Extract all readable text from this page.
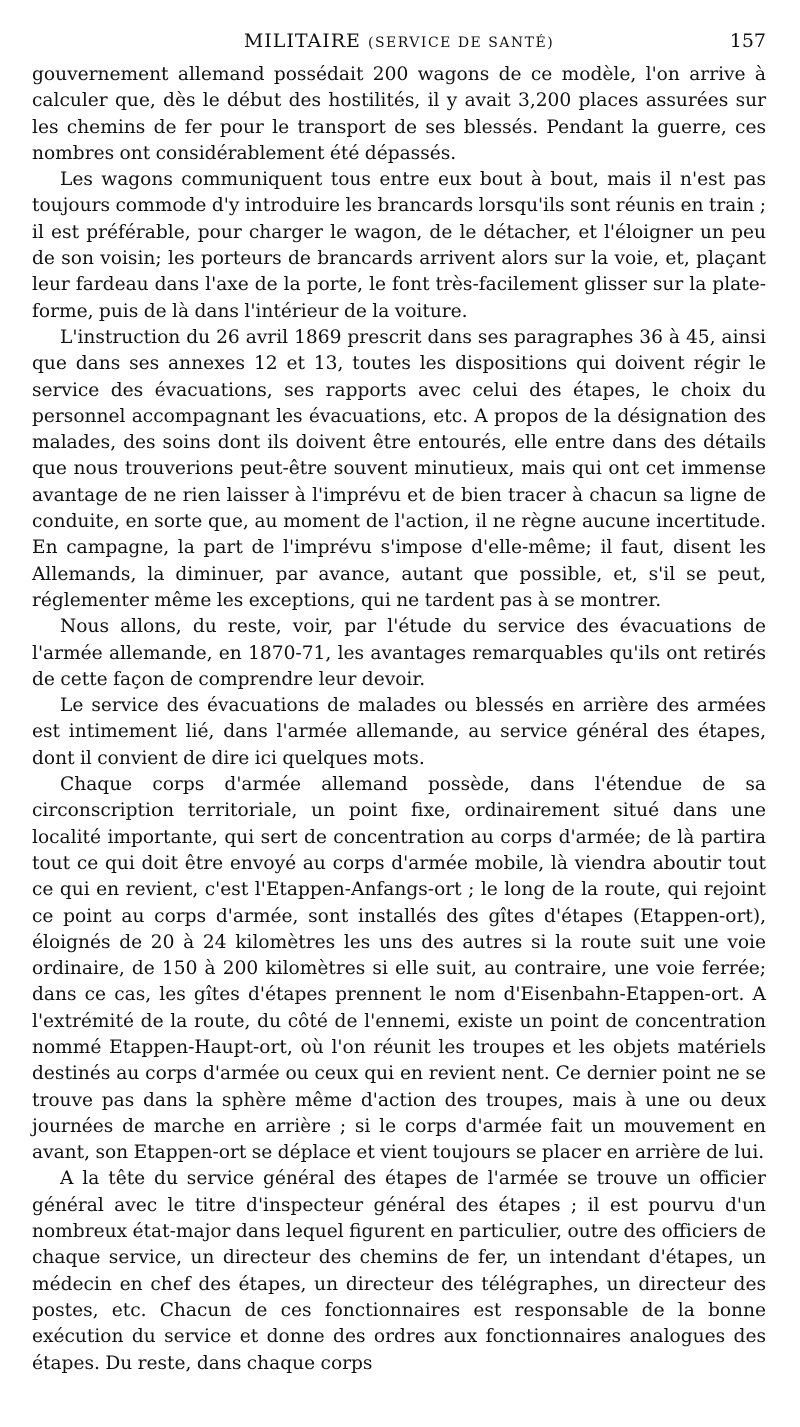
MILITAIRE (SERVICE DE SANTÉ)	157

gouvernement allemand possédait 200 wagons de ce modèle, l'on arrive à calculer que, dès le début des hostilités, il y avait 3,200 places assurées sur les chemins de fer pour le transport de ses blessés. Pendant la guerre, ces nombres ont considérablement été dépassés.

Les wagons communiquent tous entre eux bout à bout, mais il n'est pas toujours commode d'y introduire les brancards lorsqu'ils sont réunis en train ; il est préférable, pour charger le wagon, de le détacher, et l'éloigner un peu de son voisin; les porteurs de brancards arrivent alors sur la voie, et, plaçant leur fardeau dans l'axe de la porte, le font très-facilement glisser sur la plate-forme, puis de là dans l'intérieur de la voiture.

L'instruction du 26 avril 1869 prescrit dans ses paragraphes 36 à 45, ainsi que dans ses annexes 12 et 13, toutes les dispositions qui doivent régir le service des évacuations, ses rapports avec celui des étapes, le choix du personnel accompagnant les évacuations, etc. A propos de la désignation des malades, des soins dont ils doivent être entourés, elle entre dans des détails que nous trouverions peut-être souvent minutieux, mais qui ont cet immense avantage de ne rien laisser à l'imprévu et de bien tracer à chacun sa ligne de conduite, en sorte que, au moment de l'action, il ne règne aucune incertitude. En campagne, la part de l'imprévu s'impose d'elle-même; il faut, disent les Allemands, la diminuer, par avance, autant que possible, et, s'il se peut, réglementer même les exceptions, qui ne tardent pas à se montrer.

Nous allons, du reste, voir, par l'étude du service des évacuations de l'armée allemande, en 1870-71, les avantages remarquables qu'ils ont retirés de cette façon de comprendre leur devoir.

Le service des évacuations de malades ou blessés en arrière des armées est intimement lié, dans l'armée allemande, au service général des étapes, dont il convient de dire ici quelques mots.

Chaque corps d'armée allemand possède, dans l'étendue de sa circonscription territoriale, un point fixe, ordinairement situé dans une localité importante, qui sert de concentration au corps d'armée; de là partira tout ce qui doit être envoyé au corps d'armée mobile, là viendra aboutir tout ce qui en revient, c'est l'Etappen-Anfangs-ort ; le long de la route, qui rejoint ce point au corps d'armée, sont installés des gîtes d'étapes (Etappen-ort), éloignés de 20 à 24 kilomètres les uns des autres si la route suit une voie ordinaire, de 150 à 200 kilomètres si elle suit, au contraire, une voie ferrée; dans ce cas, les gîtes d'étapes prennent le nom d'Eisenbahn-Etappen-ort. A l'extrémité de la route, du côté de l'ennemi, existe un point de concentration nommé Etappen-Haupt-ort, où l'on réunit les troupes et les objets matériels destinés au corps d'armée ou ceux qui en revient nent. Ce dernier point ne se trouve pas dans la sphère même d'action des troupes, mais à une ou deux journées de marche en arrière ; si le corps d'armée fait un mouvement en avant, son Etappen-ort se déplace et vient toujours se placer en arrière de lui.

A la tête du service général des étapes de l'armée se trouve un officier général avec le titre d'inspecteur général des étapes ; il est pourvu d'un nombreux état-major dans lequel figurent en particulier, outre des officiers de chaque service, un directeur des chemins de fer, un intendant d'étapes, un médecin en chef des étapes, un directeur des télégraphes, un directeur des postes, etc. Chacun de ces fonctionnaires est responsable de la bonne exécution du service et donne des ordres aux fonctionnaires analogues des étapes. Du reste, dans chaque corps
